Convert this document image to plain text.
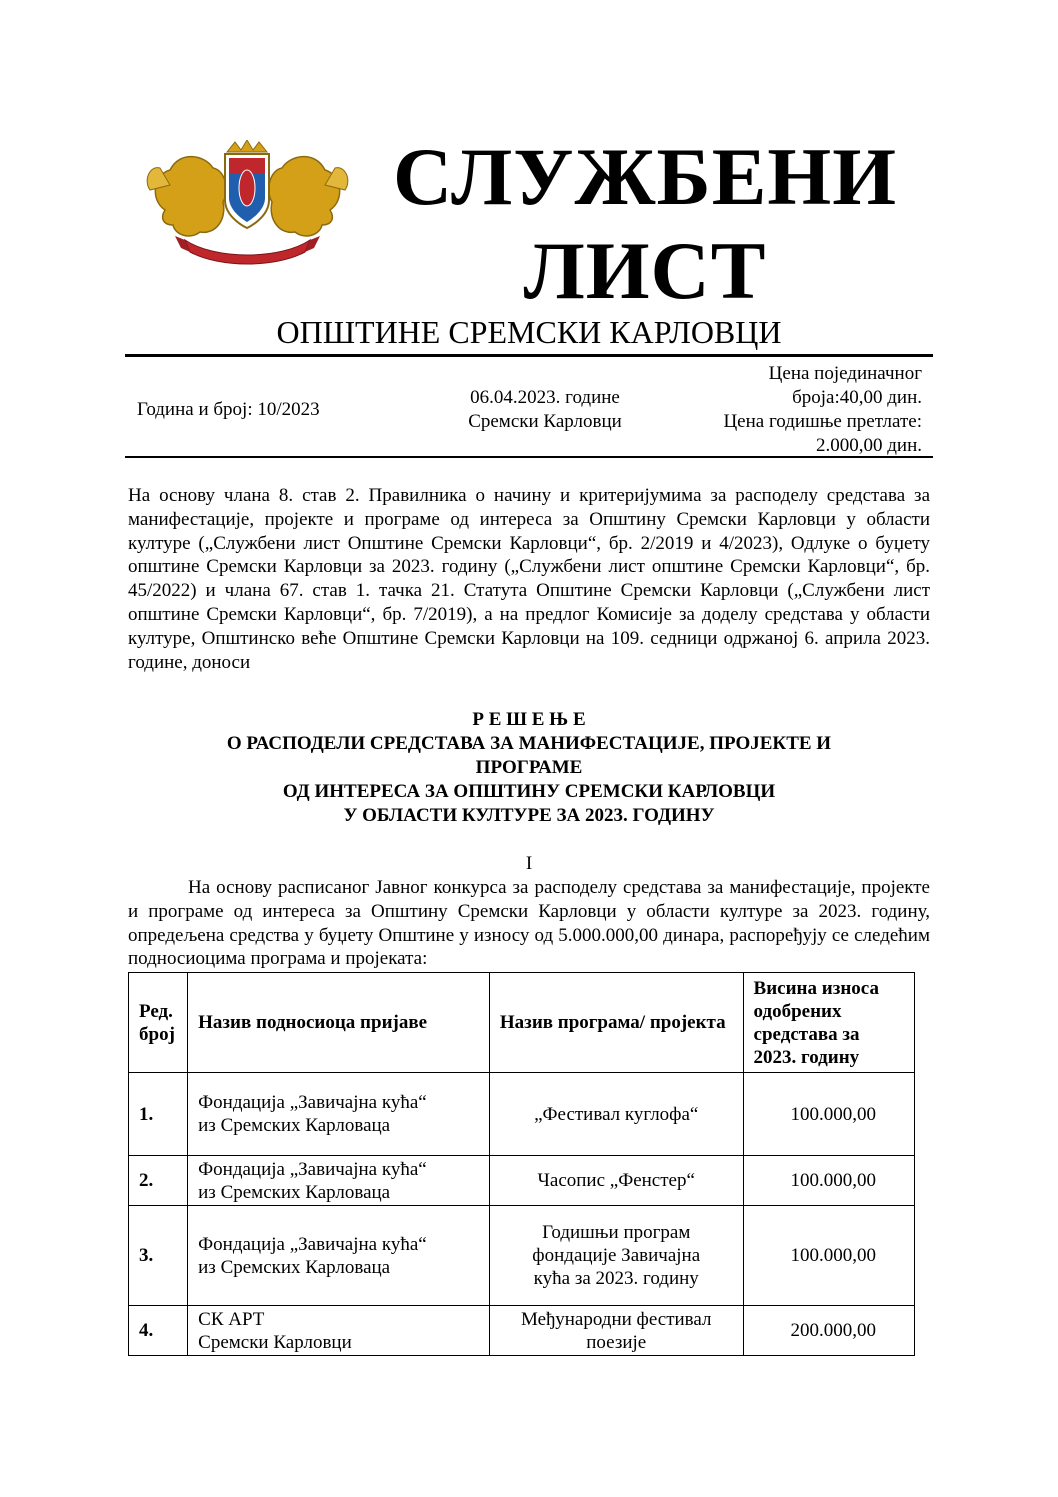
СЛУЖБЕНИ
ЛИСТ
ОПШТИНЕ СРЕМСКИ КАРЛОВЦИ
Година и број: 10/2023
06.04.2023. године
Сремски Карловци
Цена појединачног
броја:40,00 дин.
Цена годишње претлате:
2.000,00 дин.
На основу члана 8. став 2. Правилника о начину и критеријумима за расподелу средстава за манифестације, пројекте и програме од интереса за Општину Сремски Карловци у области културе („Службени лист Општине Сремски Карловци“, бр. 2/2019 и 4/2023), Одлуке о буџету општине Сремски Карловци за 2023. годину („Службени лист општине Сремски Карловци“, бр. 45/2022) и члана 67. став 1. тачка 21. Статута Општине Сремски Карловци („Службени лист општине Сремски Карловци“, бр. 7/2019), а на предлог Комисије за доделу средстава у области културе, Општинско веће Општине Сремски Карловци на 109. седници одржаној 6. априла 2023. године, доноси
Р Е Ш Е Њ Е
О РАСПОДЕЛИ СРЕДСТАВА ЗА МАНИФЕСТАЦИЈЕ, ПРОЈЕКТЕ И
ПРОГРАМЕ
ОД ИНТЕРЕСА ЗА ОПШТИНУ СРЕМСКИ КАРЛОВЦИ
У ОБЛАСТИ КУЛТУРЕ ЗА 2023. ГОДИНУ
I
На основу расписаног Јавног конкурса за расподелу средстава за манифестације, пројекте и програме од интереса за Општину Сремски Карловци у области културе за 2023. годину, опредељена средства у буџету Општине у износу од 5.000.000,00 динара, распоређују се следећим подносиоцима програма и пројеката:
Ред. број	Назив подносиоца пријаве	Назив програма/ пројекта	Висина износа одобрених средстава за 2023. годину
1.	Фондација „Завичајна кућа“
из Сремских Карловаца	„Фестивал куглофа“	100.000,00
2.	Фондација „Завичајна кућа“
из Сремских Карловаца	Часопис „Фенстер“	100.000,00
3.	Фондација „Завичајна кућа“
из Сремских Карловаца	Годишњи програм
фондације Завичајна
кућа за 2023. годину	100.000,00
4.	СК АРТ
Сремски Карловци	Међународни фестивал
поезије	200.000,00
